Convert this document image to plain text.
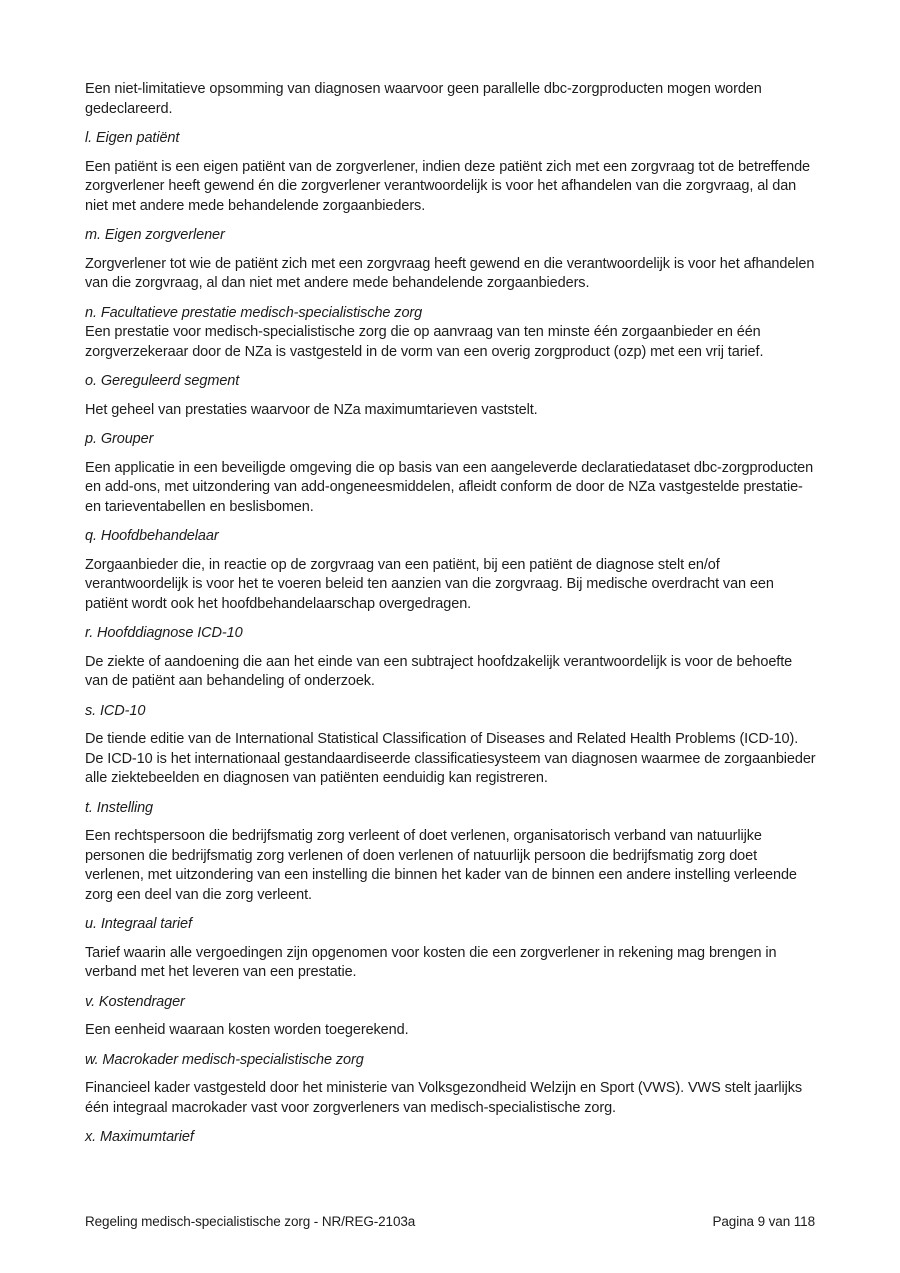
Een niet-limitatieve opsomming van diagnosen waarvoor geen parallelle dbc-zorgproducten mogen worden gedeclareerd.

l. Eigen patiënt

Een patiënt is een eigen patiënt van de zorgverlener, indien deze patiënt zich met een zorgvraag tot de betreffende zorgverlener heeft gewend én die zorgverlener verantwoordelijk is voor het afhandelen van die zorgvraag, al dan niet met andere mede behandelende zorgaanbieders.

m. Eigen zorgverlener

Zorgverlener tot wie de patiënt zich met een zorgvraag heeft gewend en die verantwoordelijk is voor het afhandelen van die zorgvraag, al dan niet met andere mede behandelende zorgaanbieders.

n. Facultatieve prestatie medisch-specialistische zorg

Een prestatie voor medisch-specialistische zorg die op aanvraag van ten minste één zorgaanbieder en één zorgverzekeraar door de NZa is vastgesteld in de vorm van een overig zorgproduct (ozp) met een vrij tarief.

o. Gereguleerd segment

Het geheel van prestaties waarvoor de NZa maximumtarieven vaststelt.

p. Grouper

Een applicatie in een beveiligde omgeving die op basis van een aangeleverde declaratiedataset dbc-zorgproducten en add-ons, met uitzondering van add-ongeneesmiddelen, afleidt conform de door de NZa vastgestelde prestatie- en tarieventabellen en beslisbomen.

q. Hoofdbehandelaar

Zorgaanbieder die, in reactie op de zorgvraag van een patiënt, bij een patiënt de diagnose stelt en/of verantwoordelijk is voor het te voeren beleid ten aanzien van die zorgvraag. Bij medische overdracht van een patiënt wordt ook het hoofdbehandelaarschap overgedragen.

r. Hoofddiagnose ICD-10

De ziekte of aandoening die aan het einde van een subtraject hoofdzakelijk verantwoordelijk is voor de behoefte van de patiënt aan behandeling of onderzoek.

s. ICD-10

De tiende editie van de International Statistical Classification of Diseases and Related Health Problems (ICD-10). De ICD-10 is het internationaal gestandaardiseerde classificatiesysteem van diagnosen waarmee de zorgaanbieder alle ziektebeelden en diagnosen van patiënten eenduidig kan registreren.

t. Instelling

Een rechtspersoon die bedrijfsmatig zorg verleent of doet verlenen, organisatorisch verband van natuurlijke personen die bedrijfsmatig zorg verlenen of doen verlenen of natuurlijk persoon die bedrijfsmatig zorg doet verlenen, met uitzondering van een instelling die binnen het kader van de binnen een andere instelling verleende zorg een deel van die zorg verleent.

u. Integraal tarief

Tarief waarin alle vergoedingen zijn opgenomen voor kosten die een zorgverlener in rekening mag brengen in verband met het leveren van een prestatie.

v. Kostendrager

Een eenheid waaraan kosten worden toegerekend.

w. Macrokader medisch-specialistische zorg

Financieel kader vastgesteld door het ministerie van Volksgezondheid Welzijn en Sport (VWS). VWS stelt jaarlijks één integraal macrokader vast voor zorgverleners van medisch-specialistische zorg.

x. Maximumtarief

Regeling medisch-specialistische zorg - NR/REG-2103a	Pagina 9 van 118
